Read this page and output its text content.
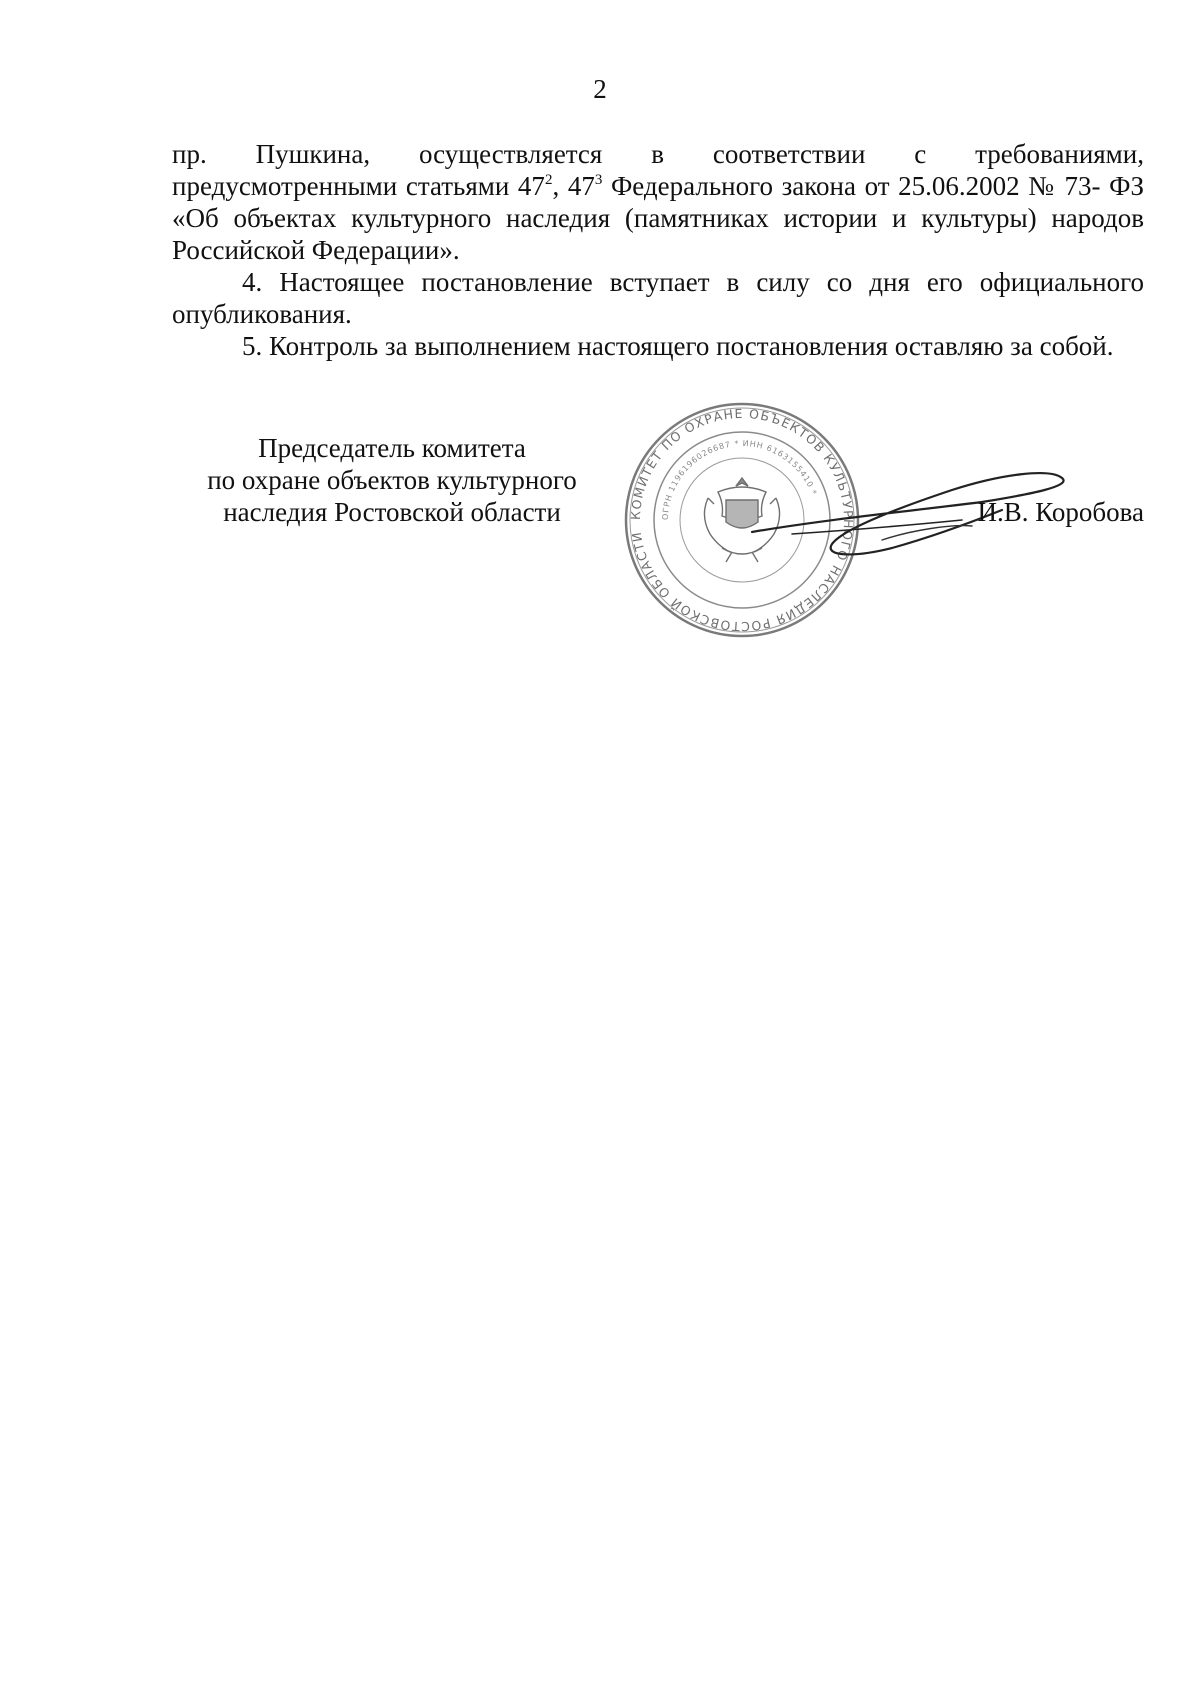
2

пр. Пушкина, осуществляется в соответствии с требованиями,
предусмотренными статьями $47^2$, $47^3$ Федерального закона от 25.06.2002 № 73- ФЗ «Об объектах культурного наследия (памятниках истории и культуры) народов Российской Федерации».

4. Настоящее постановление вступает в силу со дня его официального опубликования.

5. Контроль за выполнением настоящего постановления оставляю за собой.

Председатель комитета
по охране объектов культурного
наследия Ростовской области	КОМИТЕТ ПО ОХРАНЕ ОБЪЕКТОВ КУЛЬТУРНОГО НАСЛЕДИЯ РОСТОВСКОЙ ОБЛАСТИ
ОГРН 1196196026687 * ИНН 6163155410 *
И.В. Коробова
